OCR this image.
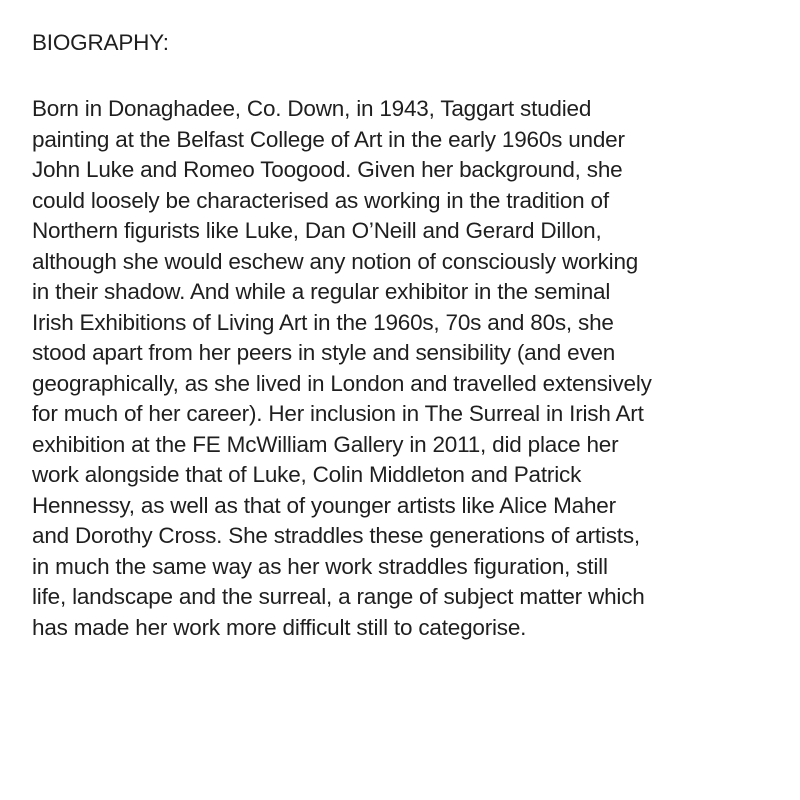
BIOGRAPHY:
Born in Donaghadee, Co. Down, in 1943, Taggart studied
painting at the Belfast College of Art in the early 1960s under
John Luke and Romeo Toogood. Given her background, she
could loosely be characterised as working in the tradition of
Northern figurists like Luke, Dan O’Neill and Gerard Dillon,
although she would eschew any notion of consciously working
in their shadow. And while a regular exhibitor in the seminal
Irish Exhibitions of Living Art in the 1960s, 70s and 80s, she
stood apart from her peers in style and sensibility (and even
geographically, as she lived in London and travelled extensively
for much of her career). Her inclusion in The Surreal in Irish Art
exhibition at the FE McWilliam Gallery in 2011, did place her
work alongside that of Luke, Colin Middleton and Patrick
Hennessy, as well as that of younger artists like Alice Maher
and Dorothy Cross. She straddles these generations of artists,
in much the same way as her work straddles figuration, still
life, landscape and the surreal, a range of subject matter which
has made her work more difficult still to categorise.
